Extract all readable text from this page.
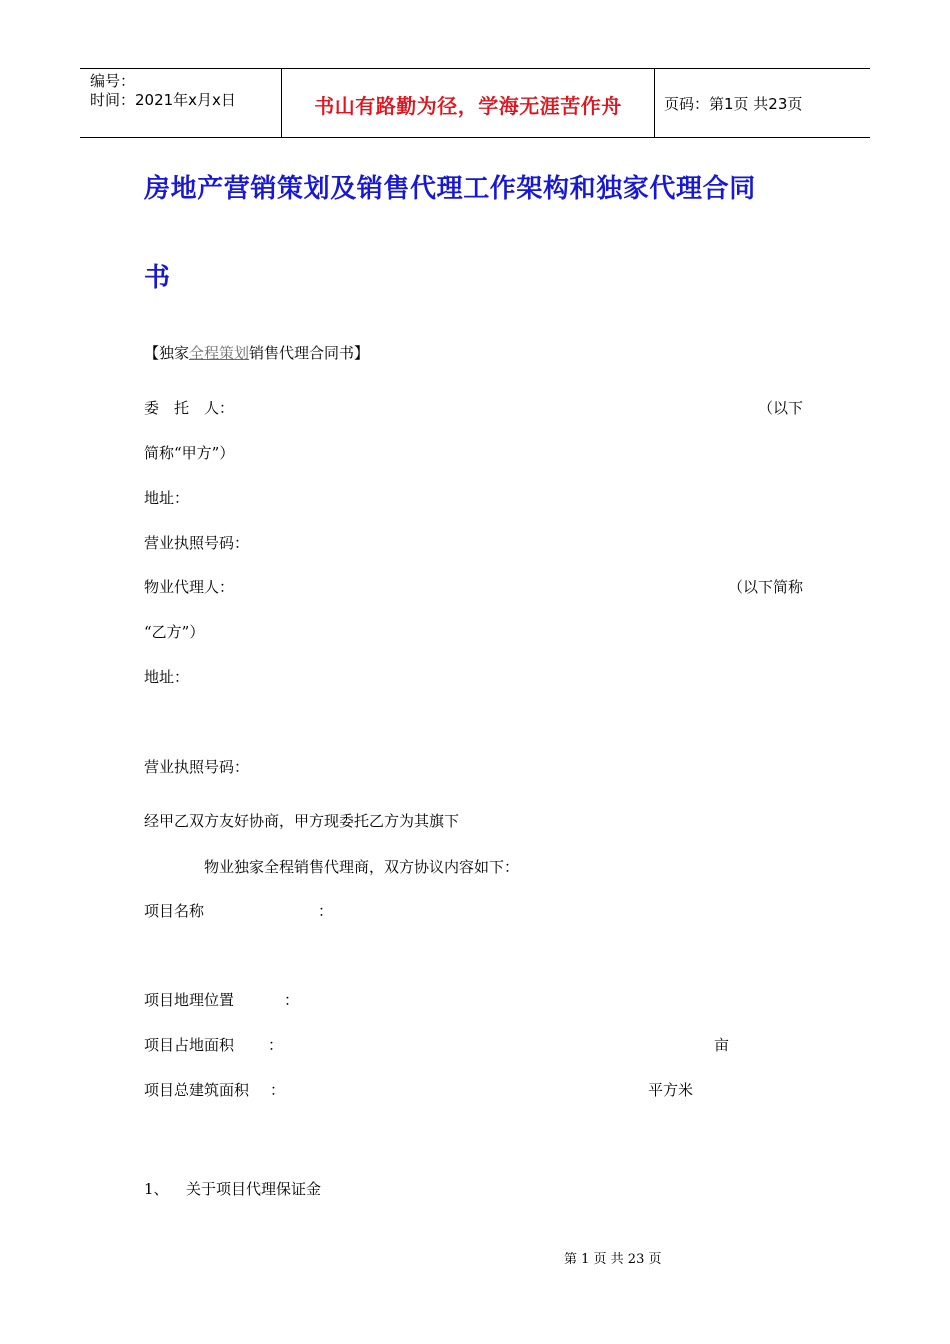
编号：
时间：2021年x月x日	书山有路勤为径，学海无涯苦作舟	页码：第1页 共23页
房地产营销策划及销售代理工作架构和独家代理合同
书
【独家全程策划销售代理合同书】
委　托　人：	（以下
简称“甲方”）
地址：
营业执照号码：
物业代理人：	（以下简称
“乙方”）
地址：
营业执照号码：
经甲乙双方友好协商，甲方现委托乙方为其旗下
物业独家全程销售代理商，双方协议内容如下：
项目名称	：
项目地理位置	：
项目占地面积 ：	亩
项目总建筑面积 ：	平方米
1、 关于项目代理保证金
第 1 页 共 23 页
